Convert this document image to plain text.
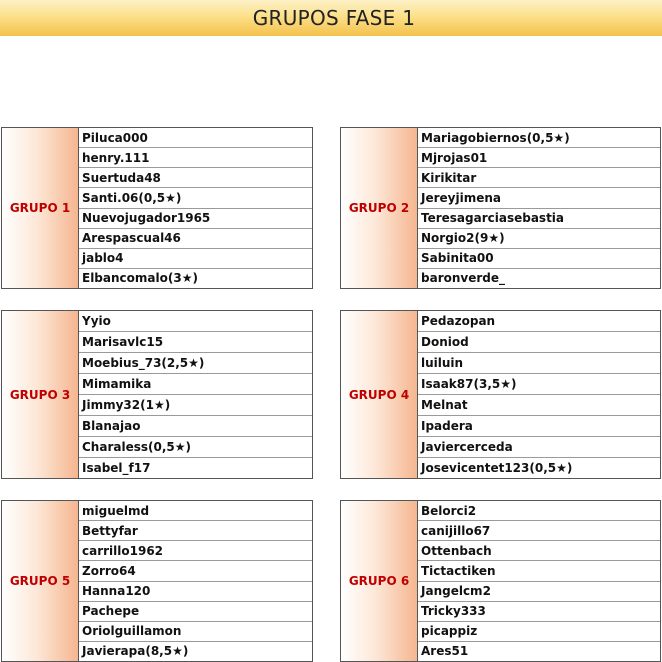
GRUPOS FASE 1
GRUPO 1
Piluca000
henry.111
Suertuda48
Santi.06(0,5★)
Nuevojugador1965
Arespascual46
jablo4
Elbancomalo(3★)
GRUPO 2
Mariagobiernos(0,5★)
Mjrojas01
Kirikitar
Jereyjimena
Teresagarciasebastia
Norgio2(9★)
Sabinita00
baronverde_
GRUPO 3
Yyio
Marisavlc15
Moebius_73(2,5★)
Mimamika
Jimmy32(1★)
Blanajao
Charaless(0,5★)
Isabel_f17
GRUPO 4
Pedazopan
Doniod
luiluin
Isaak87(3,5★)
Melnat
Ipadera
Javiercerceda
Josevicentet123(0,5★)
GRUPO 5
miguelmd
Bettyfar
carrillo1962
Zorro64
Hanna120
Pachepe
Oriolguillamon
Javierapa(8,5★)
GRUPO 6
Belorci2
canijillo67
Ottenbach
Tictactiken
Jangelcm2
Tricky333
picappiz
Ares51
